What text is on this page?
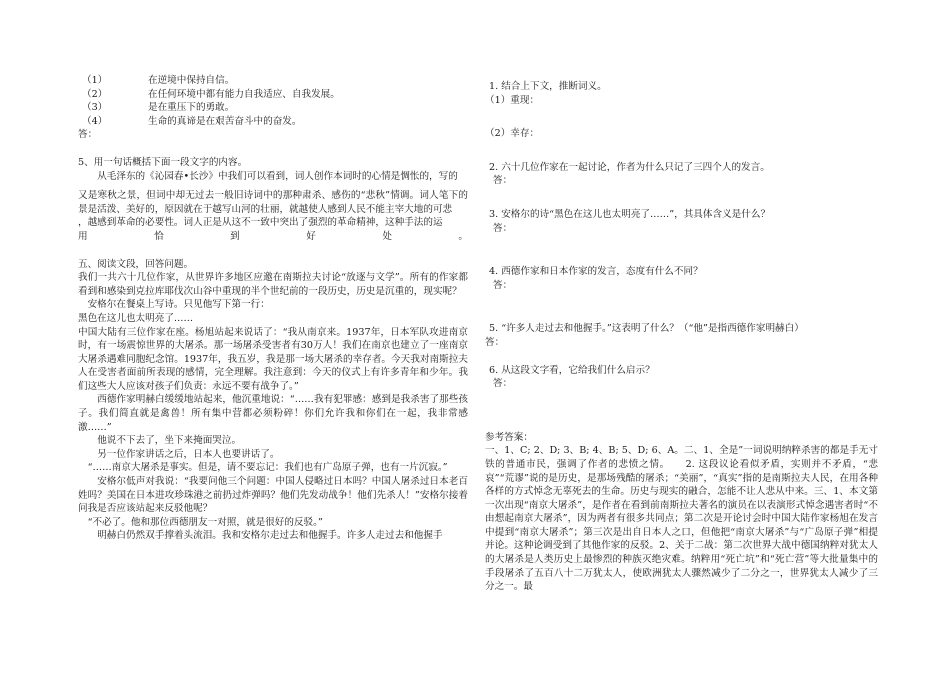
（1）	在逆境中保持自信。
（2）	在任何环境中都有能力自我适应、自我发展。
（3）	是在重压下的勇敢。
（4）	生命的真谛是在艰苦奋斗中的奋发。

答：

5、用一句话概括下面一段文字的内容。

从毛泽东的《沁园春•长沙》中我们可以看到，词人创作本词时的心情是惆怅的，写的

又是寒秋之景，但词中却无过去一般旧诗词中的那种肃杀、感伤的“悲秋”情调。词人笔下的景是活泼、美好的，原因就在于越写山河的壮丽，就越使人感到人民不能主宰大地的可悲

，越感到革命的必要性。词人正是从这不一致中突出了强烈的革命精神，这种手法的运

用	恰	到	好	处	。

五、阅读文段，回答问题。

我们一共六十几位作家，从世界许多地区应邀在南斯拉夫讨论“放逐与文学”。所有的作家都看到和感染到克拉库耶伐次山谷中重现的半个世纪前的一段历史，历史是沉重的，现实呢？

安格尔在餐桌上写诗。只见他写下第一行：

黑色在这儿也太明亮了……

中国大陆有三位作家在座。杨旭站起来说话了：“我从南京来。1937年，日本军队攻进南京时，有一场震惊世界的大屠杀。那一场屠杀受害者有30万人！我们在南京也建立了一座南京大屠杀遇难同胞纪念馆。1937年，我五岁，我是那一场大屠杀的幸存者。今天我对南斯拉夫人在受害者面前所表现的感情，完全理解。我注意到：今天的仪式上有许多青年和少年。我们这些大人应该对孩子们负责：永远不要有战争了。”

西德作家明赫白缓缓地站起来，他沉重地说：“……我有犯罪感：感到是我杀害了那些孩子。我们简直就是禽兽！所有集中营都必须粉碎！你们允许我和你们在一起，我非常感激……”

他说不下去了，坐下来掩面哭泣。

另一位作家讲话之后，日本人也要讲话了。

“……南京大屠杀是事实。但是，请不要忘记：我们也有广岛原子弹，也有一片沉寂。”

安格尔低声对我说：“我要问他三个问题：中国人侵略过日本吗？中国人屠杀过日本老百姓吗？美国在日本进攻珍珠港之前扔过炸弹吗？他们先发动战争！他们先杀人！”安格尔接着问我是否应该站起来反驳他呢？

“不必了。他和那位西德朋友一对照，就是很好的反驳。”

明赫白仍然双手撑着头流泪。我和安格尔走过去和他握手。许多人走过去和他握手

1. 结合上下文，推断词义。

（1）重现：

（2）幸存：

2. 六十几位作家在一起讨论，作者为什么只记了三四个人的发言。

答：

3. 安格尔的诗“黑色在这儿也太明亮了……”，其具体含义是什么？

答：

4. 西德作家和日本作家的发言，态度有什么不同？

答：

5. “许多人走过去和他握手。”这表明了什么？（“他”是指西德作家明赫白）

答：

6. 从这段文字看，它给我们什么启示？

答：

参考答案：

一、1、C; 2、D; 3、B; 4、B; 5、D; 6、A。二、1、全是”一词说明纳粹杀害的都是手无寸铁的普通市民，强调了作者的悲愤之情。　　2. 这段议论看似矛盾，实则并不矛盾，“悲哀”“荒谬”说的是历史，是那场残酷的屠杀；“美丽”，“真实”指的是南斯拉夫人民，在用各种各样的方式悼念无辜死去的生命。历史与现实的融合，怎能不让人悲从中来。三、1、本文第一次出现“南京大屠杀”，是作者在看到前南斯拉夫著名的演员在以表演形式悼念遇害者时“不由想起南京大屠杀”，因为两者有很多共同点；第二次是开论讨会时中国大陆作家杨旭在发言中提到“南京大屠杀”；第三次是出自日本人之口，但他把“南京大屠杀”与“广岛原子弹”相提并论。这种论调受到了其他作家的反驳。2、关于二战：第二次世界大战中德国纳粹对犹太人的大屠杀是人类历史上最惨烈的种族灭绝灾难。纳粹用“死亡坑”和“死亡营”等大批量集中的手段屠杀了五百八十二万犹太人，使欧洲犹太人骤然减少了二分之一，世界犹太人减少了三分之一。最
